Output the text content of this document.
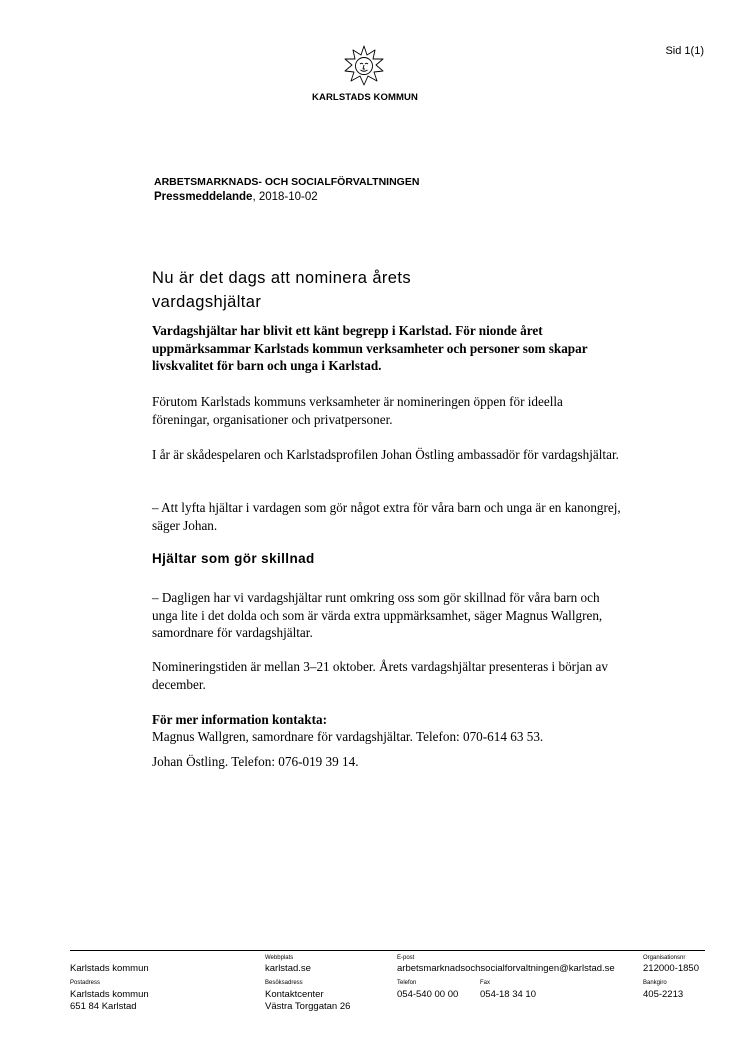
Sid 1(1)
KARLSTADS KOMMUN
ARBETSMARKNADS- OCH SOCIALFÖRVALTNINGEN
Pressmeddelande, 2018-10-02
Nu är det dags att nominera årets vardagshjältar
Vardagshjältar har blivit ett känt begrepp i Karlstad. För nionde året uppmärksammar Karlstads kommun verksamheter och personer som skapar livskvalitet för barn och unga i Karlstad.
Förutom Karlstads kommuns verksamheter är nomineringen öppen för ideella föreningar, organisationer och privatpersoner.
I år är skådespelaren och Karlstadsprofilen Johan Östling ambassadör för vardagshjältar.
– Att lyfta hjältar i vardagen som gör något extra för våra barn och unga är en kanongrej, säger Johan.
Hjältar som gör skillnad
– Dagligen har vi vardagshjältar runt omkring oss som gör skillnad för våra barn och unga lite i det dolda och som är värda extra uppmärksamhet, säger Magnus Wallgren, samordnare för vardagshjältar.
Nomineringstiden är mellan 3–21 oktober. Årets vardagshjältar presenteras i början av december.
För mer information kontakta:
Magnus Wallgren, samordnare för vardagshjältar. Telefon: 070-614 63 53.
Johan Östling. Telefon: 076-019 39 14.
Karlstads kommun
Postadress
Karlstads kommun
651 84 Karlstad
Webbplats
karlstad.se
Besöksadress
Kontaktcenter
Västra Torggatan 26
E-post
arbetsmarknadsochsocialforvaltningen@karlstad.se
Telefon
054-540 00 00
Fax
054-18 34 10
Organisationsnr
212000-1850
Bankgiro
405-2213
